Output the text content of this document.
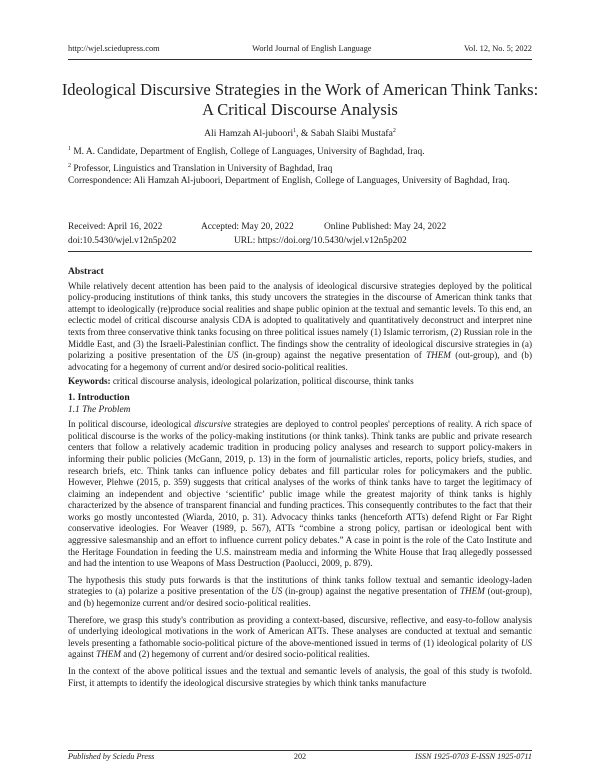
http://wjel.sciedupress.com	World Journal of English Language	Vol. 12, No. 5; 2022
Ideological Discursive Strategies in the Work of American Think Tanks:
A Critical Discourse Analysis
Ali Hamzah Al-juboori$^1$, & Sabah Slaibi Mustafa$^2$
$^1$ M. A. Candidate, Department of English, College of Languages, University of Baghdad, Iraq.
$^2$ Professor, Linguistics and Translation in University of Baghdad, Iraq
Correspondence: Ali Hamzah Al-juboori, Department of English, College of Languages, University of Baghdad, Iraq.
Received: April 16, 2022	Accepted: May 20, 2022	Online Published: May 24, 2022
doi:10.5430/wjel.v12n5p202	URL: https://doi.org/10.5430/wjel.v12n5p202
Abstract

While relatively decent attention has been paid to the analysis of ideological discursive strategies deployed by the political policy-producing institutions of think tanks, this study uncovers the strategies in the discourse of American think tanks that attempt to ideologically (re)produce social realities and shape public opinion at the textual and semantic levels. To this end, an eclectic model of critical discourse analysis CDA is adopted to qualitatively and quantitatively deconstruct and interpret nine texts from three conservative think tanks focusing on three political issues namely (1) Islamic terrorism, (2) Russian role in the Middle East, and (3) the Israeli-Palestinian conflict. The findings show the centrality of ideological discursive strategies in (a) polarizing a positive presentation of the US (in-group) against the negative presentation of THEM (out-group), and (b) advocating for a hegemony of current and/or desired socio-political realities.

Keywords: critical discourse analysis, ideological polarization, political discourse, think tanks

1. Introduction
1.1 The Problem

In political discourse, ideological discursive strategies are deployed to control peoples' perceptions of reality. A rich space of political discourse is the works of the policy-making institutions (or think tanks). Think tanks are public and private research centers that follow a relatively academic tradition in producing policy analyses and research to support policy-makers in informing their public policies (McGann, 2019, p. 13) in the form of journalistic articles, reports, policy briefs, studies, and research briefs, etc. Think tanks can influence policy debates and fill particular roles for policymakers and the public. However, Plehwe (2015, p. 359) suggests that critical analyses of the works of think tanks have to target the legitimacy of claiming an independent and objective ‘scientific’ public image while the greatest majority of think tanks is highly characterized by the absence of transparent financial and funding practices. This consequently contributes to the fact that their works go mostly uncontested (Wiarda, 2010, p. 31). Advocacy thinks tanks (henceforth ATTs) defend Right or Far Right conservative ideologies. For Weaver (1989, p. 567), ATTs “combine a strong policy, partisan or ideological bent with aggressive salesmanship and an effort to influence current policy debates.” A case in point is the role of the Cato Institute and the Heritage Foundation in feeding the U.S. mainstream media and informing the White House that Iraq allegedly possessed and had the intention to use Weapons of Mass Destruction (Paolucci, 2009, p. 879).

The hypothesis this study puts forwards is that the institutions of think tanks follow textual and semantic ideology-laden strategies to (a) polarize a positive presentation of the US (in-group) against the negative presentation of THEM (out-group), and (b) hegemonize current and/or desired socio-political realities.

Therefore, we grasp this study's contribution as providing a context-based, discursive, reflective, and easy-to-follow analysis of underlying ideological motivations in the work of American ATTs. These analyses are conducted at textual and semantic levels presenting a fathomable socio-political picture of the above-mentioned issued in terms of (1) ideological polarity of US against THEM and (2) hegemony of current and/or desired socio-political realities.

In the context of the above political issues and the textual and semantic levels of analysis, the goal of this study is twofold. First, it attempts to identify the ideological discursive strategies by which think tanks manufacture

Published by Sciedu Press	202	ISSN 1925-0703 E-ISSN 1925-0711
